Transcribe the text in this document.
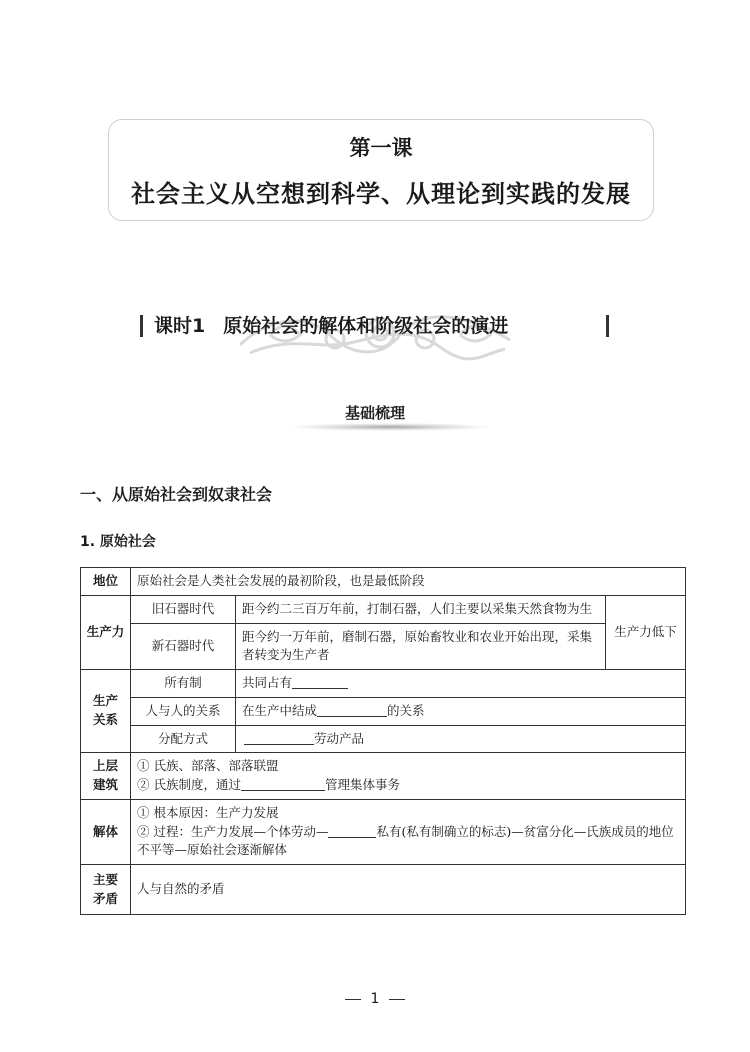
第一课
社会主义从空想到科学、从理论到实践的发展
课时1 原始社会的解体和阶级社会的演进
基础梳理
一、从原始社会到奴隶社会
1. 原始社会
地位	原始社会是人类社会发展的最初阶段，也是最低阶段		
生产力	旧石器时代	距今约二三百万年前，打制石器，人们主要以采集天然食物为生	生产力低下
	新石器时代	距今约一万年前，磨制石器，原始畜牧业和农业开始出现，采集者转变为生产者	
生产关系	所有制	共同占有	
	人与人的关系	在生产中结成 的关系	
	分配方式	劳动产品	
上层建筑	① 氏族、部落、部落联盟
② 氏族制度，通过 管理集体事务		

解体	① 根本原因：生产力发展
② 过程：生产力发展—个体劳动— 私有(私有制确立的标志)—贫富分化—氏族成员的地位不平等—原始社会逐渐解体		

主要矛盾	人与自然的矛盾		
1
